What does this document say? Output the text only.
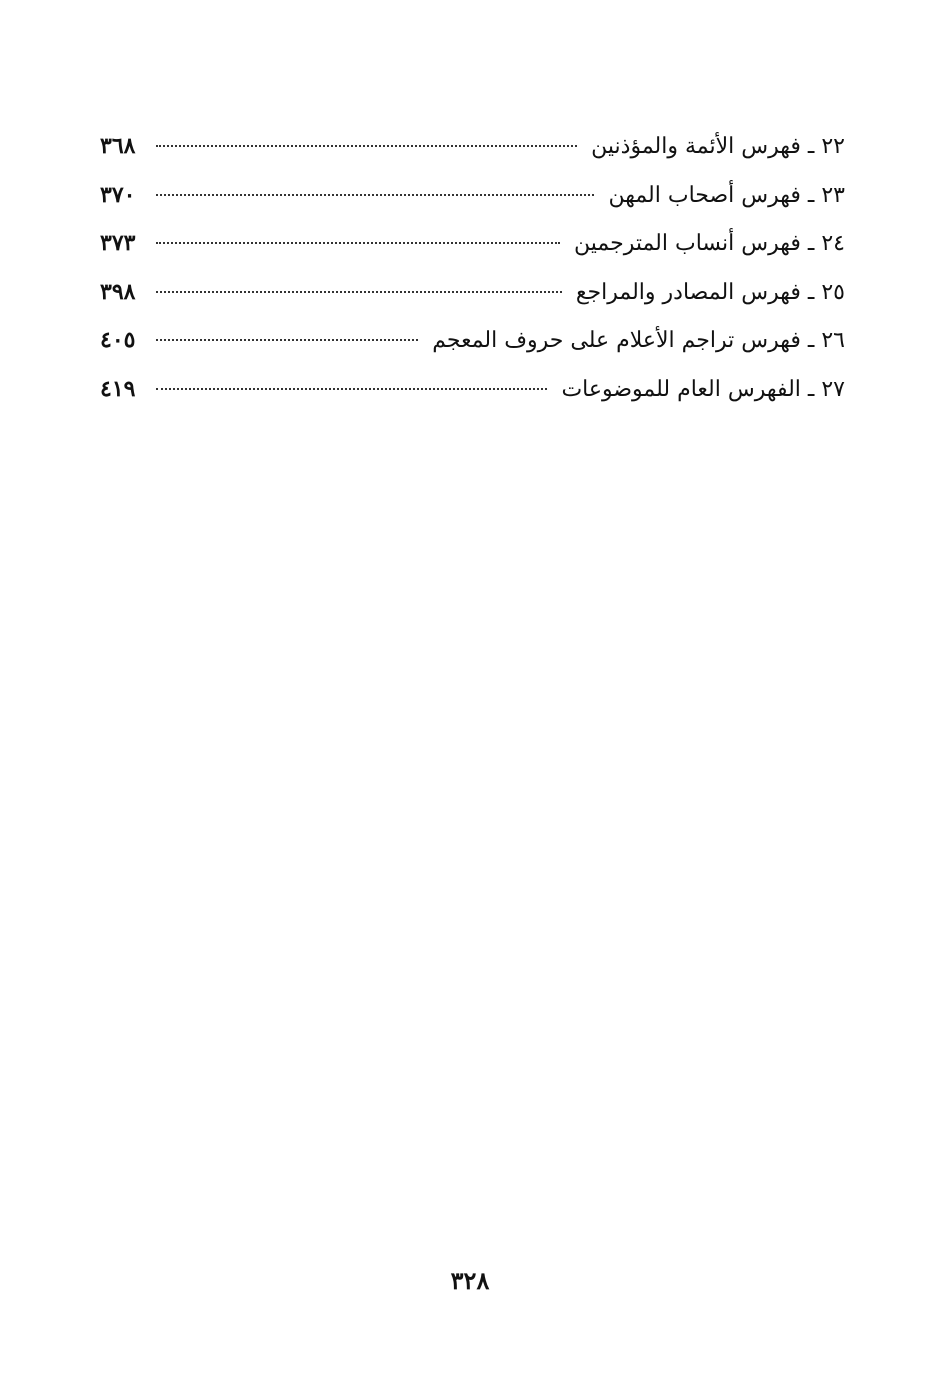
٢٢ ـ فهرس الأئمة والمؤذنين
٣٦٨
٢٣ ـ فهرس أصحاب المهن
٣٧٠
٢٤ ـ فهرس أنساب المترجمين
٣٧٣
٢٥ ـ فهرس المصادر والمراجع
٣٩٨
٢٦ ـ فهرس تراجم الأعلام على حروف المعجم
٤٠٥
٢٧ ـ الفهرس العام للموضوعات
٤١٩
٣٢٨
